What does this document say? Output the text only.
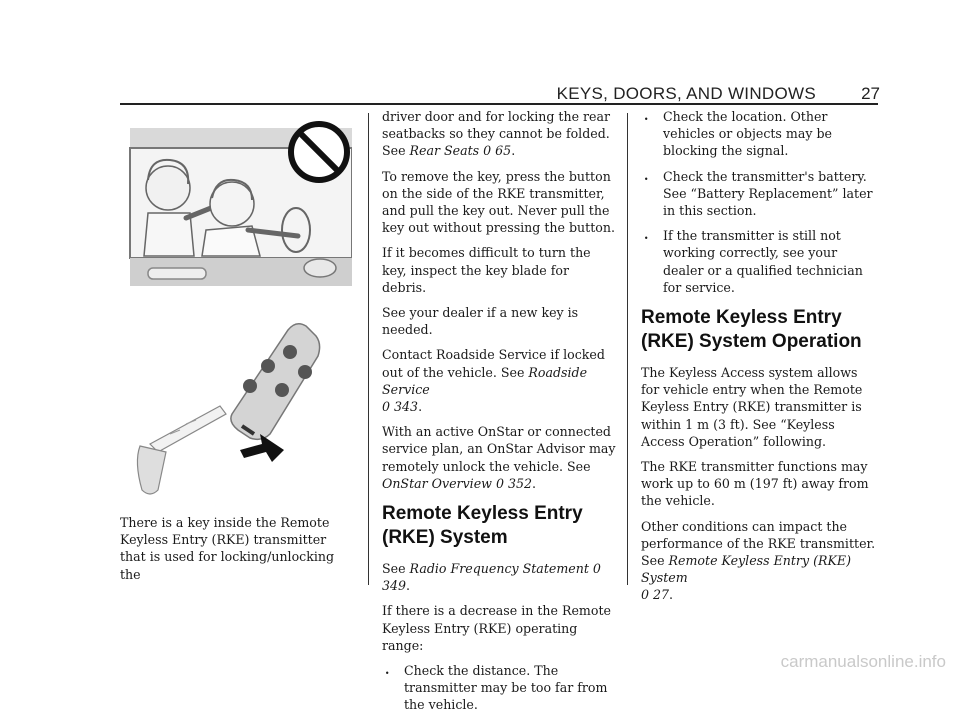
KEYS, DOORS, AND WINDOWS	27

There is a key inside the Remote Keyless Entry (RKE) transmitter that is used for locking/unlocking the

driver door and for locking the rear seatbacks so they cannot be folded. See Rear Seats 0 65.

To remove the key, press the button on the side of the RKE transmitter, and pull the key out. Never pull the key out without pressing the button.

If it becomes difficult to turn the key, inspect the key blade for debris.

See your dealer if a new key is needed.

Contact Roadside Service if locked out of the vehicle. See Roadside Service
0 343.

With an active OnStar or connected service plan, an OnStar Advisor may remotely unlock the vehicle. See OnStar Overview 0 352.

Remote Keyless Entry (RKE) System

See Radio Frequency Statement 0 349.

If there is a decrease in the Remote Keyless Entry (RKE) operating range:

. Check the distance. The transmitter may be too far from the vehicle.
. Check the location. Other vehicles or objects may be blocking the signal.
. Check the transmitter's battery. See “Battery Replacement” later in this section.
. If the transmitter is still not working correctly, see your dealer or a qualified technician for service.
Remote Keyless Entry (RKE) System Operation

The Keyless Access system allows for vehicle entry when the Remote Keyless Entry (RKE) transmitter is within 1 m (3 ft). See “Keyless Access Operation” following.

The RKE transmitter functions may work up to 60 m (197 ft) away from the vehicle.

Other conditions can impact the performance of the RKE transmitter. See Remote Keyless Entry (RKE) System
0 27.

carmanualsonline.info
